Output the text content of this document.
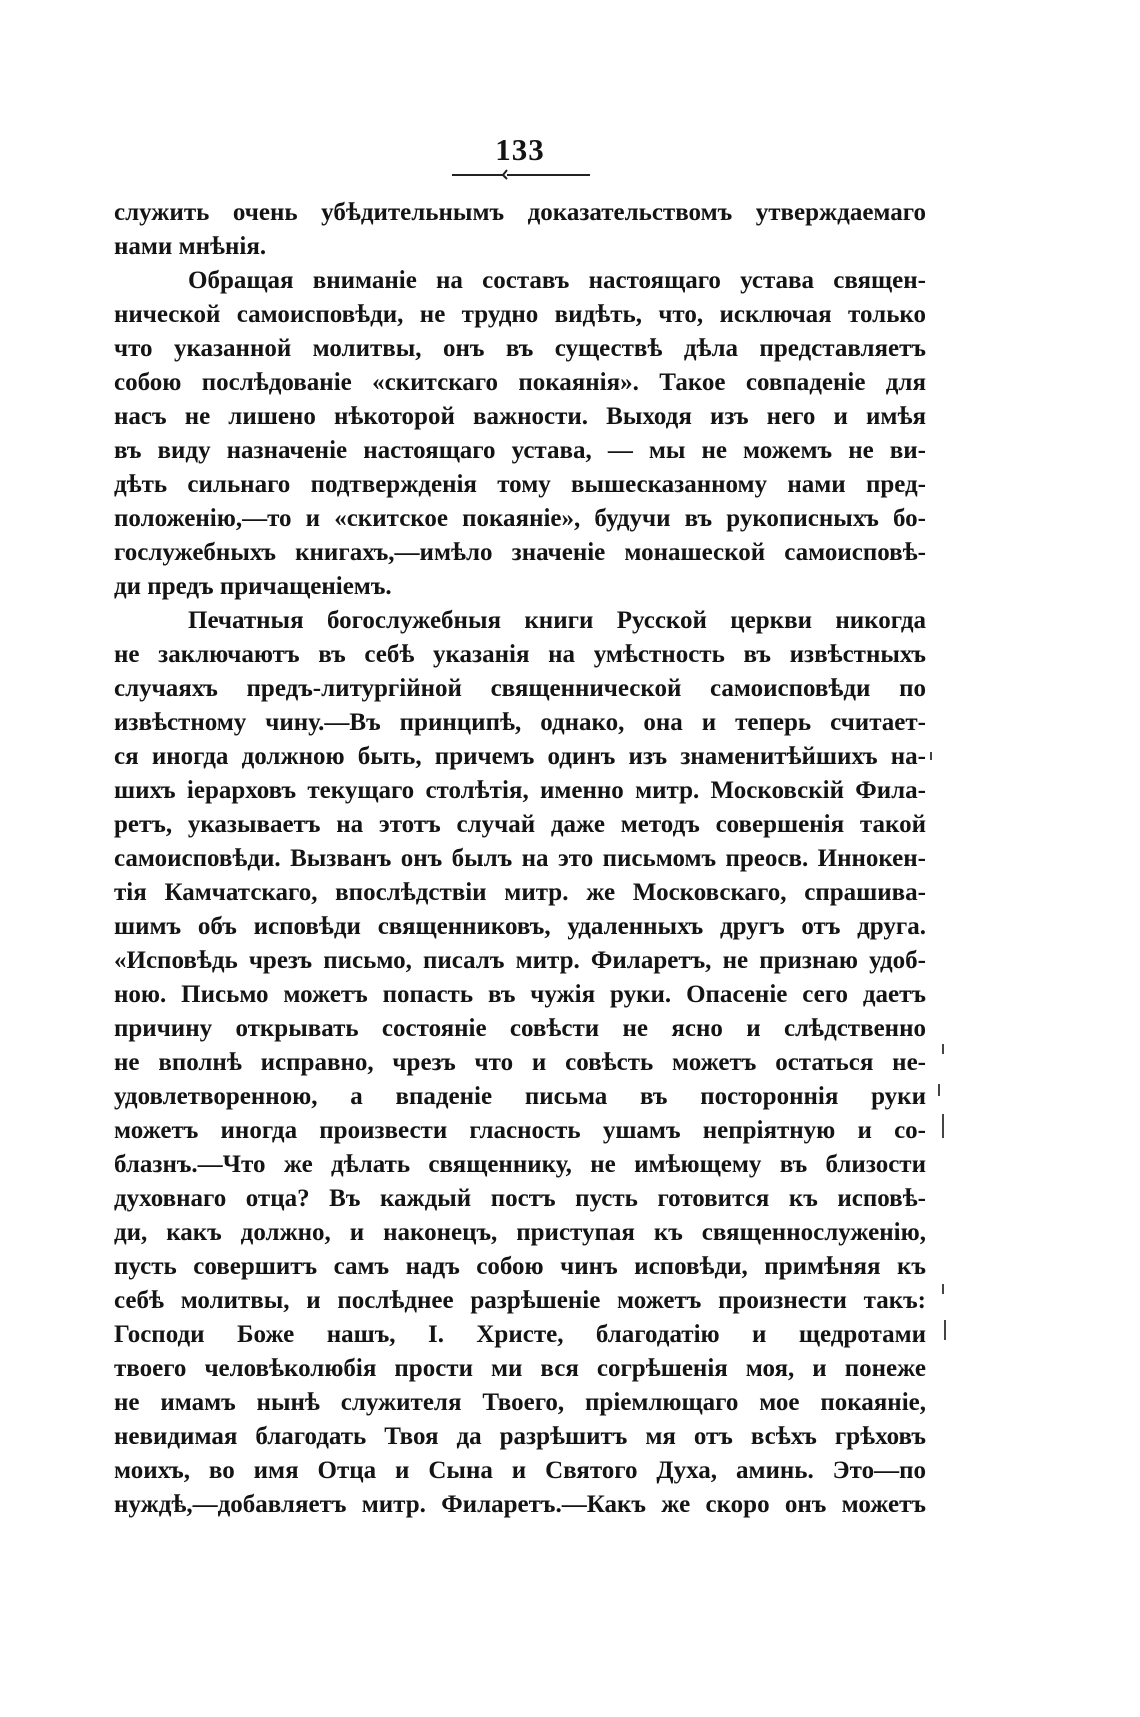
133
служить очень убѣдительнымъ доказательствомъ утверждаемаго
нами мнѣнія.
Обращая вниманіе на составъ настоящаго устава священ-
нической самоисповѣди, не трудно видѣть, что, исключая только
что указанной молитвы, онъ въ существѣ дѣла представляетъ
собою послѣдованіе «скитскаго покаянія». Такое совпаденіе для
насъ не лишено нѣкоторой важности. Выходя изъ него и имѣя
въ виду назначеніе настоящаго устава, — мы не можемъ не ви-
дѣть сильнаго подтвержденія тому вышесказанному нами пред-
положенію,—то и «скитское покаяніе», будучи въ рукописныхъ бо-
гослужебныхъ книгахъ,—имѣло значеніе монашеской самоисповѣ-
ди предъ причащеніемъ.
Печатныя богослужебныя книги Русской церкви никогда
не заключаютъ въ себѣ указанія на умѣстность въ извѣстныхъ
случаяхъ предъ-литургійной священнической самоисповѣди по
извѣстному чину.—Въ принципѣ, однако, она и теперь считает-
ся иногда должною быть, причемъ одинъ изъ знаменитѣйшихъ на-
шихъ іерарховъ текущаго столѣтія, именно митр. Московскій Фила-
ретъ, указываетъ на этотъ случай даже методъ совершенія такой
самоисповѣди. Вызванъ онъ былъ на это письмомъ преосв. Иннокен-
тія Камчатскаго, впослѣдствіи митр. же Московскаго, спрашива-
шимъ объ исповѣди священниковъ, удаленныхъ другъ отъ друга.
«Исповѣдь чрезъ письмо, писалъ митр. Филаретъ, не признаю удоб-
ною. Письмо можетъ попасть въ чужія руки. Опасеніе сего даетъ
причину открывать состояніе совѣсти не ясно и слѣдственно
не вполнѣ исправно, чрезъ что и совѣсть можетъ остаться не-
удовлетворенною, а впаденіе письма въ постороннія руки
можетъ иногда произвести гласность ушамъ непріятную и со-
блазнъ.—Что же дѣлать священнику, не имѣющему въ близости
духовнаго отца? Въ каждый постъ пусть готовится къ исповѣ-
ди, какъ должно, и наконецъ, приступая къ священнослуженію,
пусть совершитъ самъ надъ собою чинъ исповѣди, примѣняя къ
себѣ молитвы, и послѣднее разрѣшеніе можетъ произнести такъ:
Господи Боже нашъ, І. Христе, благодатію и щедротами
твоего человѣколюбія прости ми вся согрѣшенія моя, и понеже
не имамъ нынѣ служителя Твоего, пріемлющаго мое покаяніе,
невидимая благодать Твоя да разрѣшитъ мя отъ всѣхъ грѣховъ
моихъ, во имя Отца и Сына и Святого Духа, аминь. Это—по
нуждѣ,—добавляетъ митр. Филаретъ.—Какъ же скоро онъ можетъ
